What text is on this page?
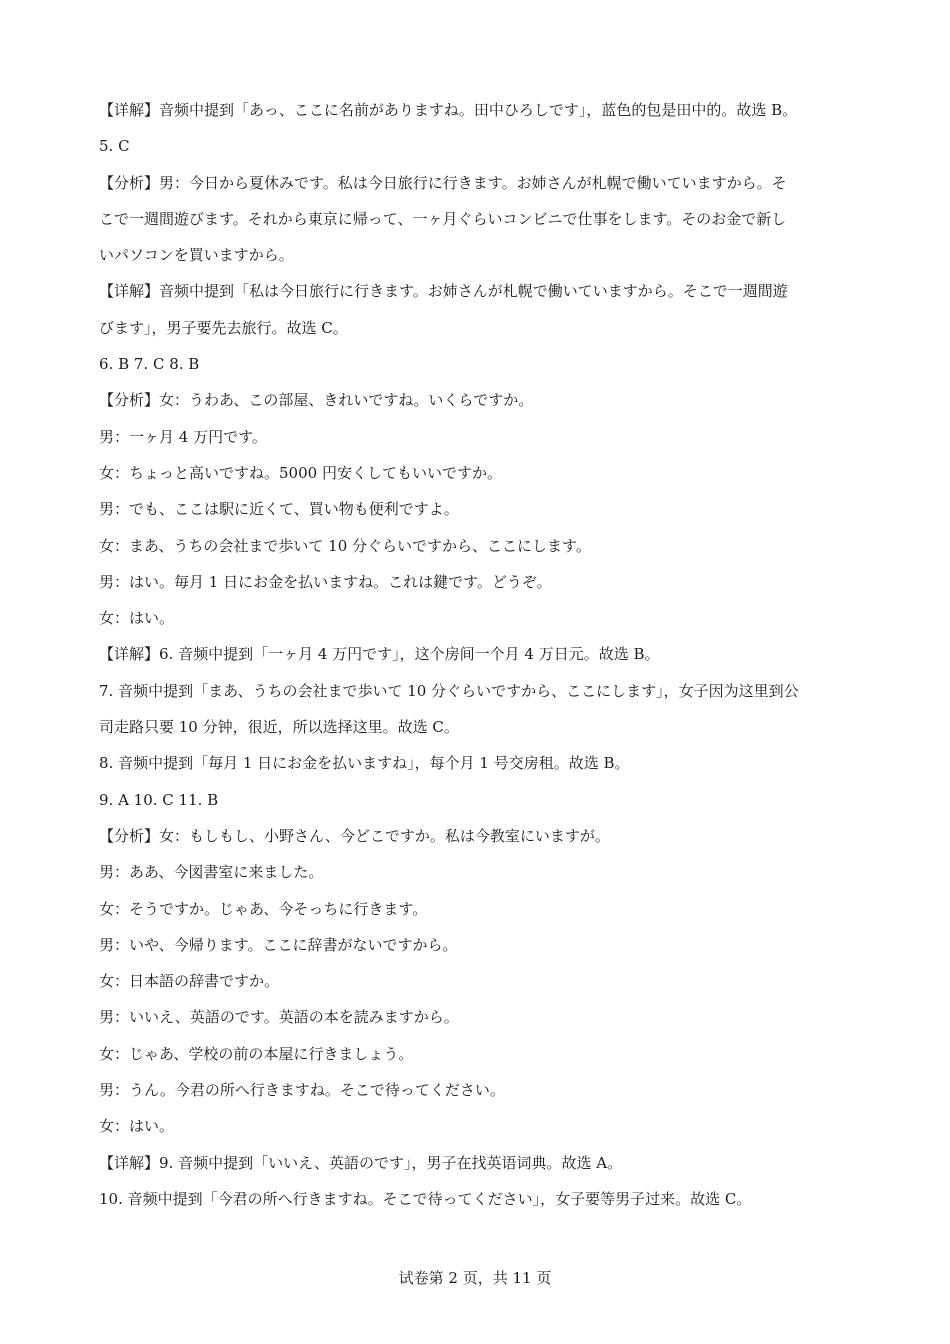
【详解】音频中提到「あっ、ここに名前がありますね。田中ひろしです」，蓝色的包是田中的。故选 B。
5. C
【分析】男：今日から夏休みです。私は今日旅行に行きます。お姉さんが札幌で働いていますから。そ
こで一週間遊びます。それから東京に帰って、一ヶ月ぐらいコンビニで仕事をします。そのお金で新し
いパソコンを買いますから。
【详解】音频中提到「私は今日旅行に行きます。お姉さんが札幌で働いていますから。そこで一週間遊
びます」，男子要先去旅行。故选 C。
6. B 7. C 8. B
【分析】女：うわあ、この部屋、きれいですね。いくらですか。
男：一ヶ月 4 万円です。
女：ちょっと高いですね。5000 円安くしてもいいですか。
男：でも、ここは駅に近くて、買い物も便利ですよ。
女：まあ、うちの会社まで歩いて 10 分ぐらいですから、ここにします。
男：はい。毎月 1 日にお金を払いますね。これは鍵です。どうぞ。
女：はい。
【详解】6. 音频中提到「一ヶ月 4 万円です」，这个房间一个月 4 万日元。故选 B。
7. 音频中提到「まあ、うちの会社まで歩いて 10 分ぐらいですから、ここにします」，女子因为这里到公
司走路只要 10 分钟，很近，所以选择这里。故选 C。
8. 音频中提到「毎月 1 日にお金を払いますね」，每个月 1 号交房租。故选 B。
9. A 10. C 11. B
【分析】女：もしもし、小野さん、今どこですか。私は今教室にいますが。
男：ああ、今図書室に来ました。
女：そうですか。じゃあ、今そっちに行きます。
男：いや、今帰ります。ここに辞書がないですから。
女：日本語の辞書ですか。
男：いいえ、英語のです。英語の本を読みますから。
女：じゃあ、学校の前の本屋に行きましょう。
男：うん。今君の所へ行きますね。そこで待ってください。
女：はい。
【详解】9. 音频中提到「いいえ、英語のです」，男子在找英语词典。故选 A。
10. 音频中提到「今君の所へ行きますね。そこで待ってください」，女子要等男子过来。故选 C。
试卷第 2 页，共 11 页
